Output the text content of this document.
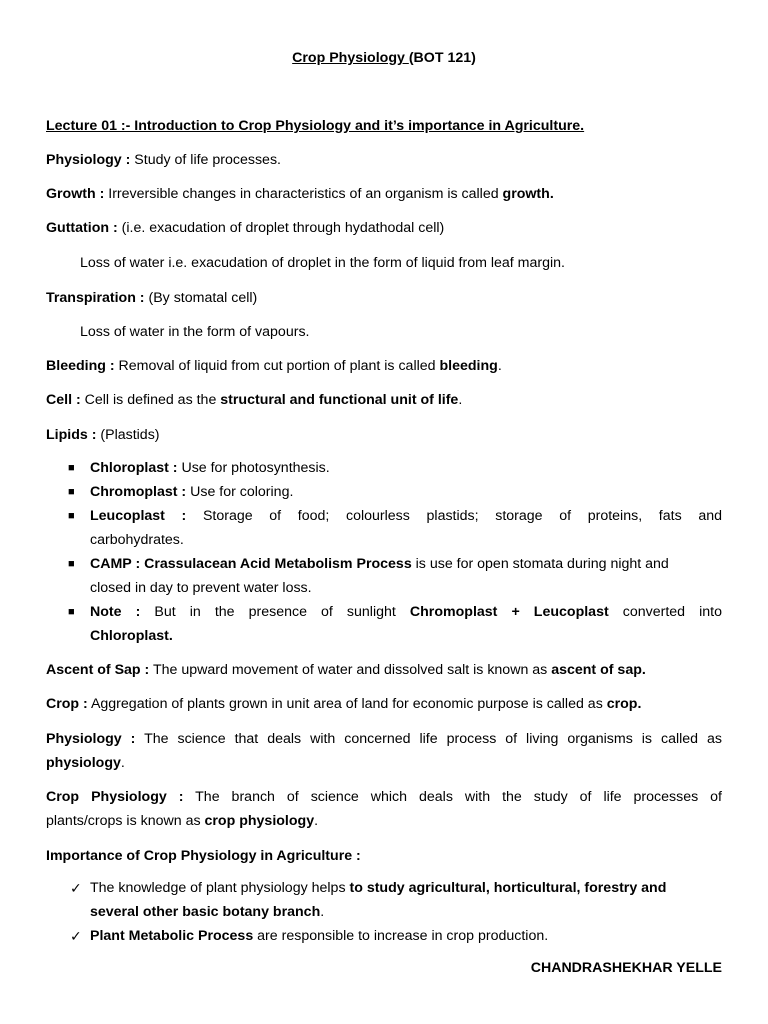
Crop Physiology (BOT 121)
Lecture 01 :- Introduction to Crop Physiology and it’s importance in Agriculture.
Physiology : Study of life processes.
Growth : Irreversible changes in characteristics of an organism is called growth.
Guttation : (i.e. exacudation of droplet through hydathodal cell)
Loss of water i.e. exacudation of droplet in the form of liquid from leaf margin.
Transpiration : (By stomatal cell)
Loss of water in the form of vapours.
Bleeding : Removal of liquid from cut portion of plant is called bleeding.
Cell : Cell is defined as the structural and functional unit of life.
Lipids : (Plastids)
■	Chloroplast : Use for photosynthesis.
■	Chromoplast : Use for coloring.
■	Leucoplast : Storage of food; colourless plastids; storage of proteins, fats and
carbohydrates.
■	CAMP : Crassulacean Acid Metabolism Process is use for open stomata during night and
closed in day to prevent water loss.
■	Note : But in the presence of sunlight Chromoplast + Leucoplast converted into
Chloroplast.
Ascent of Sap : The upward movement of water and dissolved salt is known as ascent of sap.
Crop : Aggregation of plants grown in unit area of land for economic purpose is called as crop.
Physiology : The science that deals with concerned life process of living organisms is called as
physiology.
Crop Physiology : The branch of science which deals with the study of life processes of
plants/crops is known as crop physiology.
Importance of Crop Physiology in Agriculture :
✓ The knowledge of plant physiology helps to study agricultural, horticultural, forestry and
several other basic botany branch.
✓ Plant Metabolic Process are responsible to increase in crop production.
CHANDRASHEKHAR YELLE
